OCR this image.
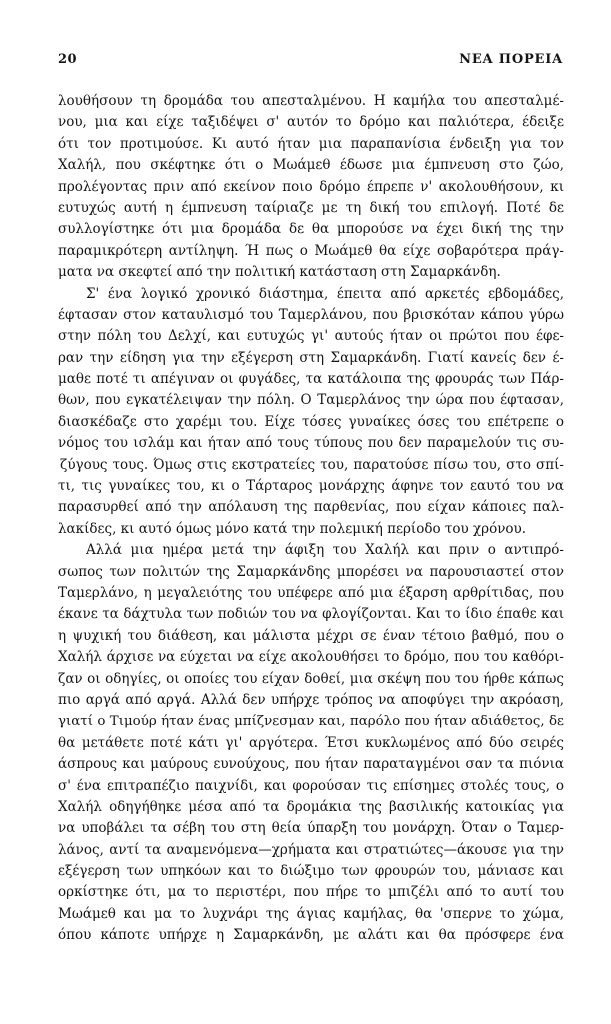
20	ΝΕΑ ΠΟΡΕΙΑ
λουθήσουν τη δρομάδα του απεσταλμένου. Η καμήλα του απεσταλμέ-
νου, μια και είχε ταξιδέψει σ' αυτόν το δρόμο και παλιότερα, έδειξε
ότι τον προτιμούσε. Κι αυτό ήταν μια παραπανίσια ένδειξη για τον
Χαλήλ, που σκέφτηκε ότι ο Μωάμεθ έδωσε μια έμπνευση στο ζώο,
προλέγοντας πριν από εκείνον ποιο δρόμο έπρεπε ν' ακολουθήσουν, κι
ευτυχώς αυτή η έμπνευση ταίριαζε με τη δική του επιλογή. Ποτέ δε
συλλογίστηκε ότι μια δρομάδα δε θα μπορούσε να έχει δική της την
παραμικρότερη αντίληψη. Ή πως ο Μωάμεθ θα είχε σοβαρότερα πράγ-
ματα να σκεφτεί από την πολιτική κατάσταση στη Σαμαρκάνδη.
Σ' ένα λογικό χρονικό διάστημα, έπειτα από αρκετές εβδομάδες,
έφτασαν στον καταυλισμό του Ταμερλάνου, που βρισκόταν κάπου γύρω
στην πόλη του Δελχί, και ευτυχώς γι' αυτούς ήταν οι πρώτοι που έφε-
ραν την είδηση για την εξέγερση στη Σαμαρκάνδη. Γιατί κανείς δεν έ-
μαθε ποτέ τι απέγιναν οι φυγάδες, τα κατάλοιπα της φρουράς των Πάρ-
θων, που εγκατέλειψαν την πόλη. Ο Ταμερλάνος την ώρα που έφτασαν,
διασκέδαζε στο χαρέμι του. Είχε τόσες γυναίκες όσες του επέτρεπε ο
νόμος του ισλάμ και ήταν από τους τύπους που δεν παραμελούν τις συ-
ζύγους τους. Όμως στις εκστρατείες του, παρατούσε πίσω του, στο σπί-
τι, τις γυναίκες του, κι ο Τάρταρος μονάρχης άφηνε τον εαυτό του να
παρασυρθεί από την απόλαυση της παρθενίας, που είχαν κάποιες παλ-
λακίδες, κι αυτό όμως μόνο κατά την πολεμική περίοδο του χρόνου.
Αλλά μια ημέρα μετά την άφιξη του Χαλήλ και πριν ο αντιπρό-
σωπος των πολιτών της Σαμαρκάνδης μπορέσει να παρουσιαστεί στον
Ταμερλάνο, η μεγαλειότης του υπέφερε από μια έξαρση αρθρίτιδας, που
έκανε τα δάχτυλα των ποδιών του να φλογίζονται. Και το ίδιο έπαθε και
η ψυχική του διάθεση, και μάλιστα μέχρι σε έναν τέτοιο βαθμό, που ο
Χαλήλ άρχισε να εύχεται να είχε ακολουθήσει το δρόμο, που του καθόρι-
ζαν οι οδηγίες, οι οποίες του είχαν δοθεί, μια σκέψη που του ήρθε κάπως
πιο αργά από αργά. Αλλά δεν υπήρχε τρόπος να αποφύγει την ακρόαση,
γιατί ο Τιμούρ ήταν ένας μπίζνεσμαν και, παρόλο που ήταν αδιάθετος, δε
θα μετάθετε ποτέ κάτι γι' αργότερα. Έτσι κυκλωμένος από δύο σειρές
άσπρους και μαύρους ευνούχους, που ήταν παραταγμένοι σαν τα πιόνια
σ' ένα επιτραπέζιο παιχνίδι, και φορούσαν τις επίσημες στολές τους, ο
Χαλήλ οδηγήθηκε μέσα από τα δρομάκια της βασιλικής κατοικίας για
να υποβάλει τα σέβη του στη θεία ύπαρξη του μονάρχη. Όταν ο Ταμερ-
λάνος, αντί τα αναμενόμενα—χρήματα και στρατιώτες—άκουσε για την
εξέγερση των υπηκόων και το διώξιμο των φρουρών του, μάνιασε και
ορκίστηκε ότι, μα το περιστέρι, που πήρε το μπιζέλι από το αυτί του
Μωάμεθ και μα το λυχνάρι της άγιας καμήλας, θα 'σπερνε το χώμα,
όπου κάποτε υπήρχε η Σαμαρκάνδη, με αλάτι και θα πρόσφερε ένα
